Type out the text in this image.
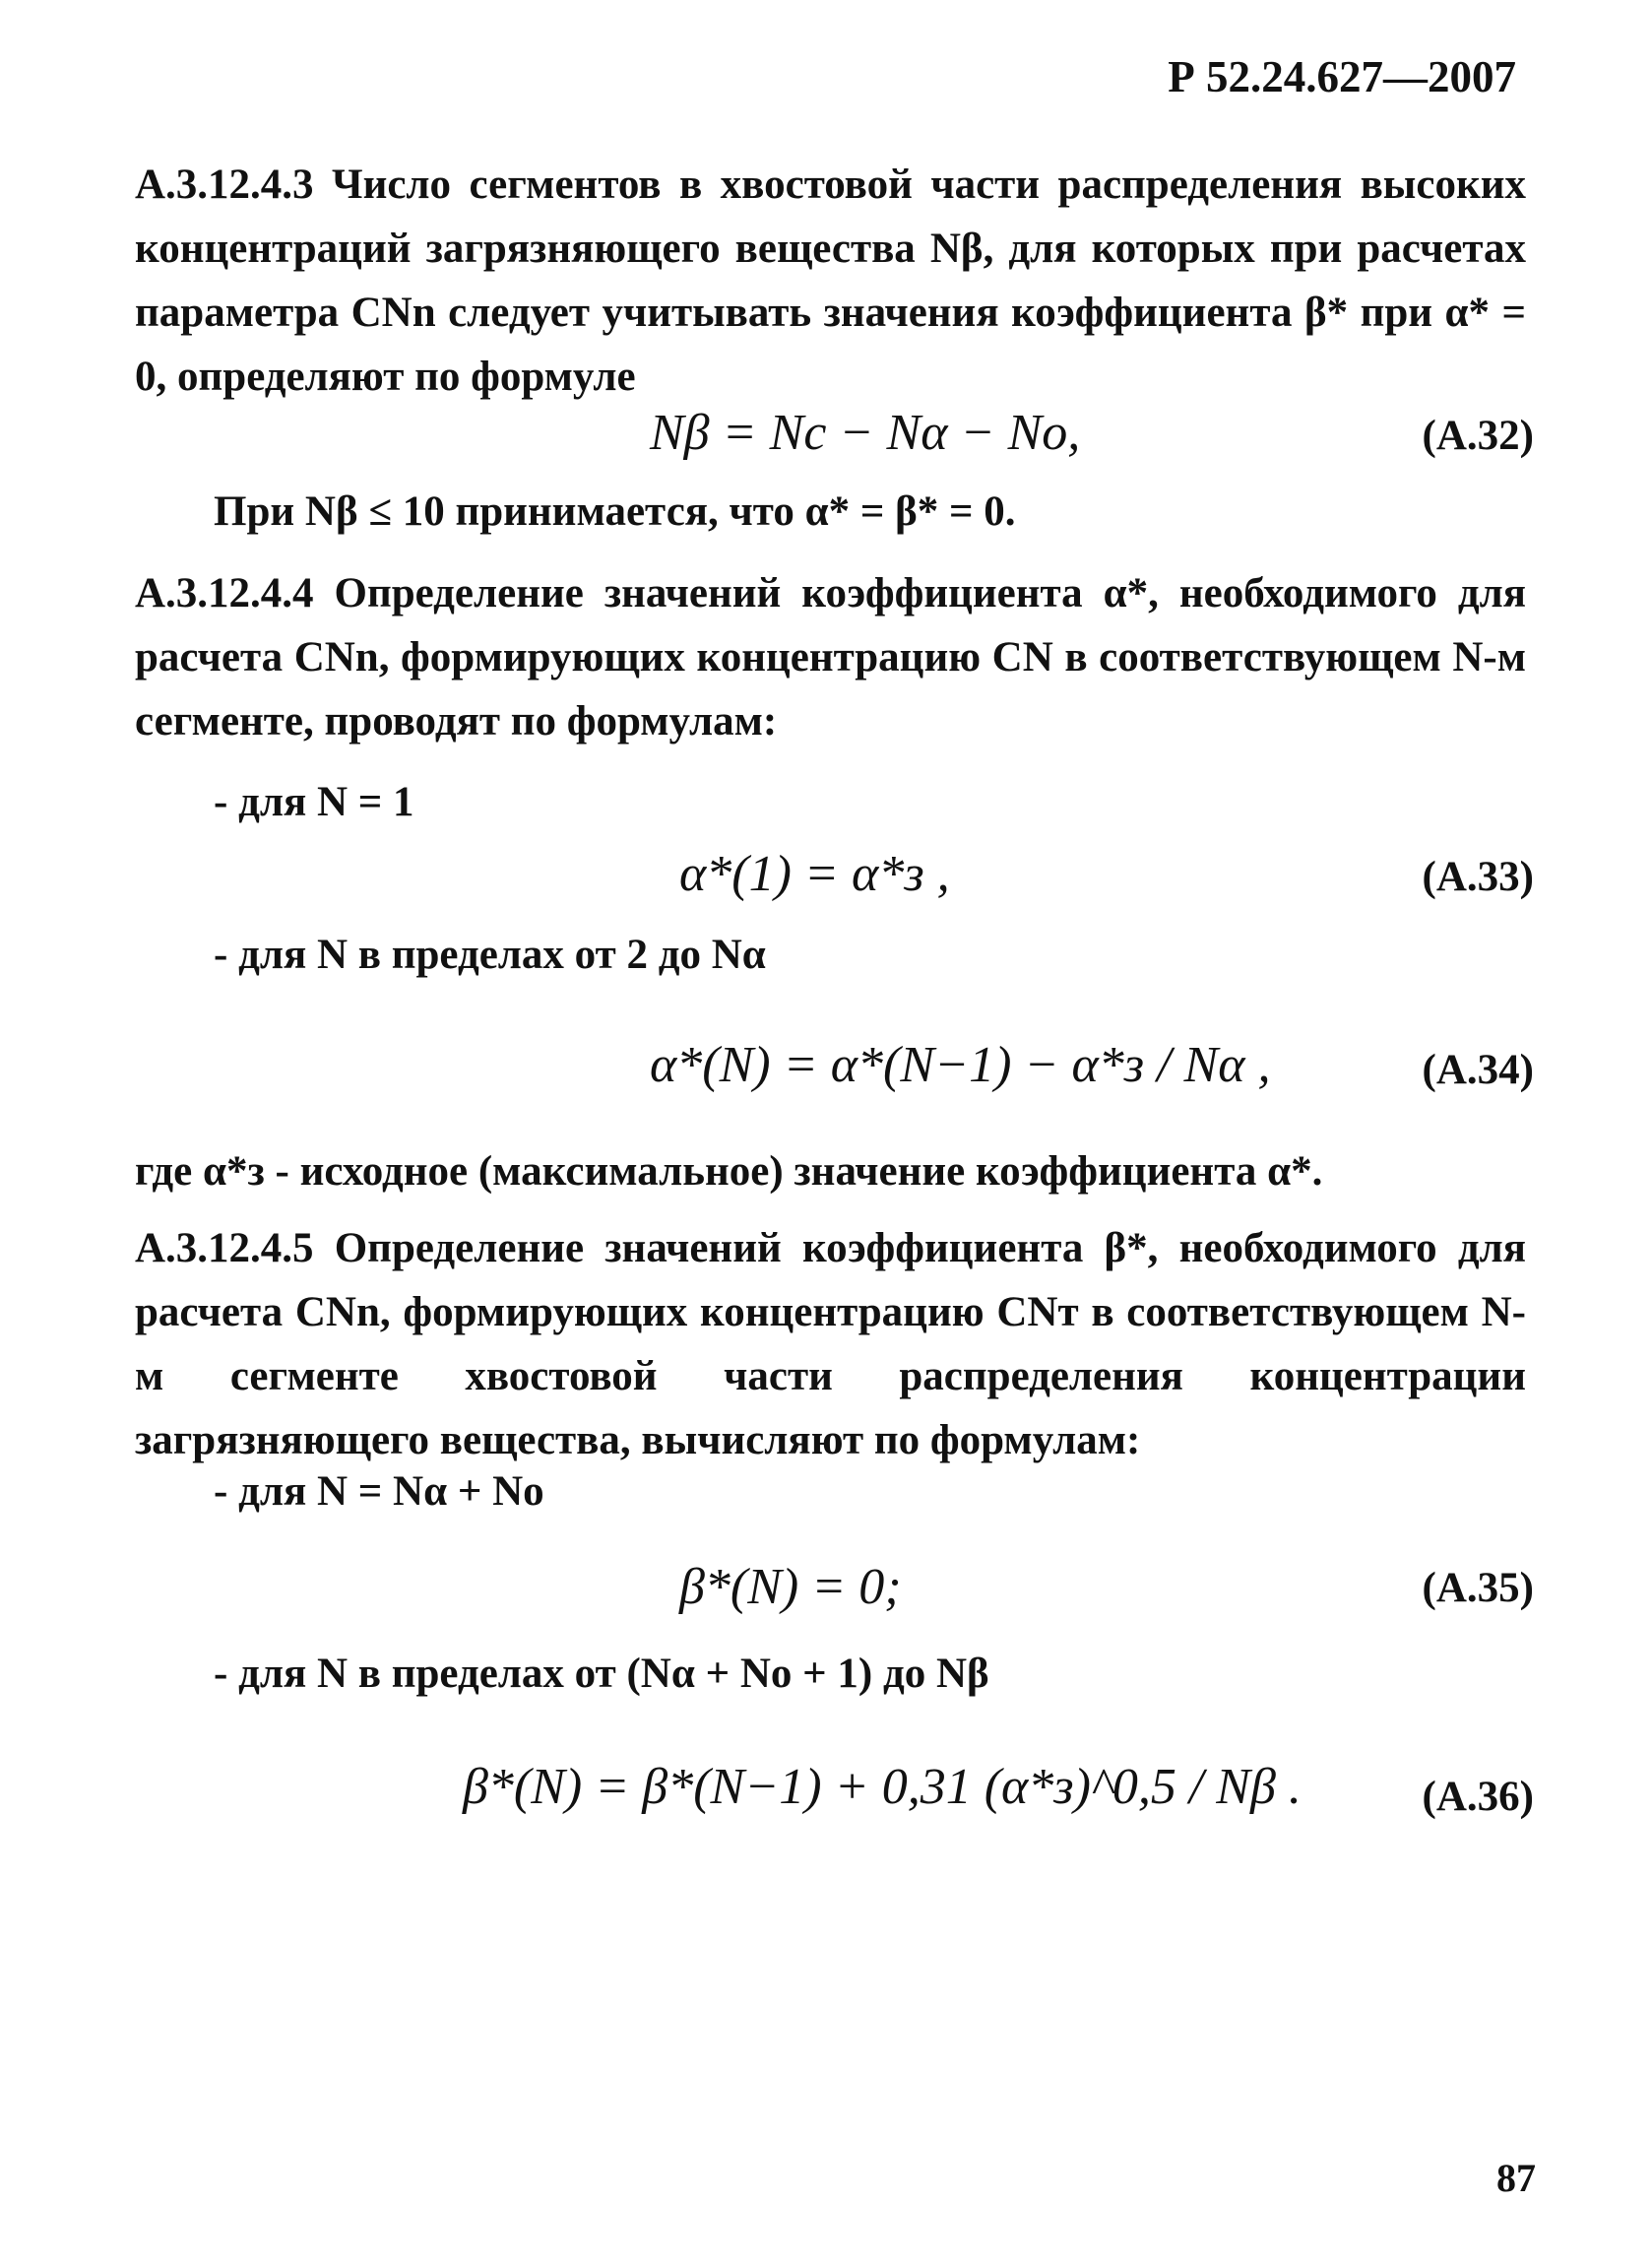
Р 52.24.627—2007
А.3.12.4.3 Число сегментов в хвостовой части распределения высоких концентраций загрязняющего вещества Nβ, для которых при расчетах параметра CNn следует учитывать значения коэффициента β* при α* = 0, определяют по формуле
Nβ = Nc − Nα − No,	(А.32)
При Nβ ≤ 10 принимается, что α* = β* = 0.
А.3.12.4.4 Определение значений коэффициента α*, необходимого для расчета CNn, формирующих концентрацию CN в соответствующем N-м сегменте, проводят по формулам:
- для N = 1
α*(1) = α*з ,	(А.33)
- для N в пределах от 2 до Nα
α*(N) = α*(N−1) − α*з / Nα ,	(А.34)
где α*з - исходное (максимальное) значение коэффициента α*.
А.3.12.4.5 Определение значений коэффициента β*, необходимого для расчета CNn, формирующих концентрацию CNт в соответствующем N-м сегменте хвостовой части распределения концентрации загрязняющего вещества, вычисляют по формулам:
- для N = Nα + No
β*(N) = 0;	(А.35)
- для N в пределах от (Nα + No + 1) до Nβ
β*(N) = β*(N−1) + 0,31 (α*з)^0,5 / Nβ .	(А.36)
87
